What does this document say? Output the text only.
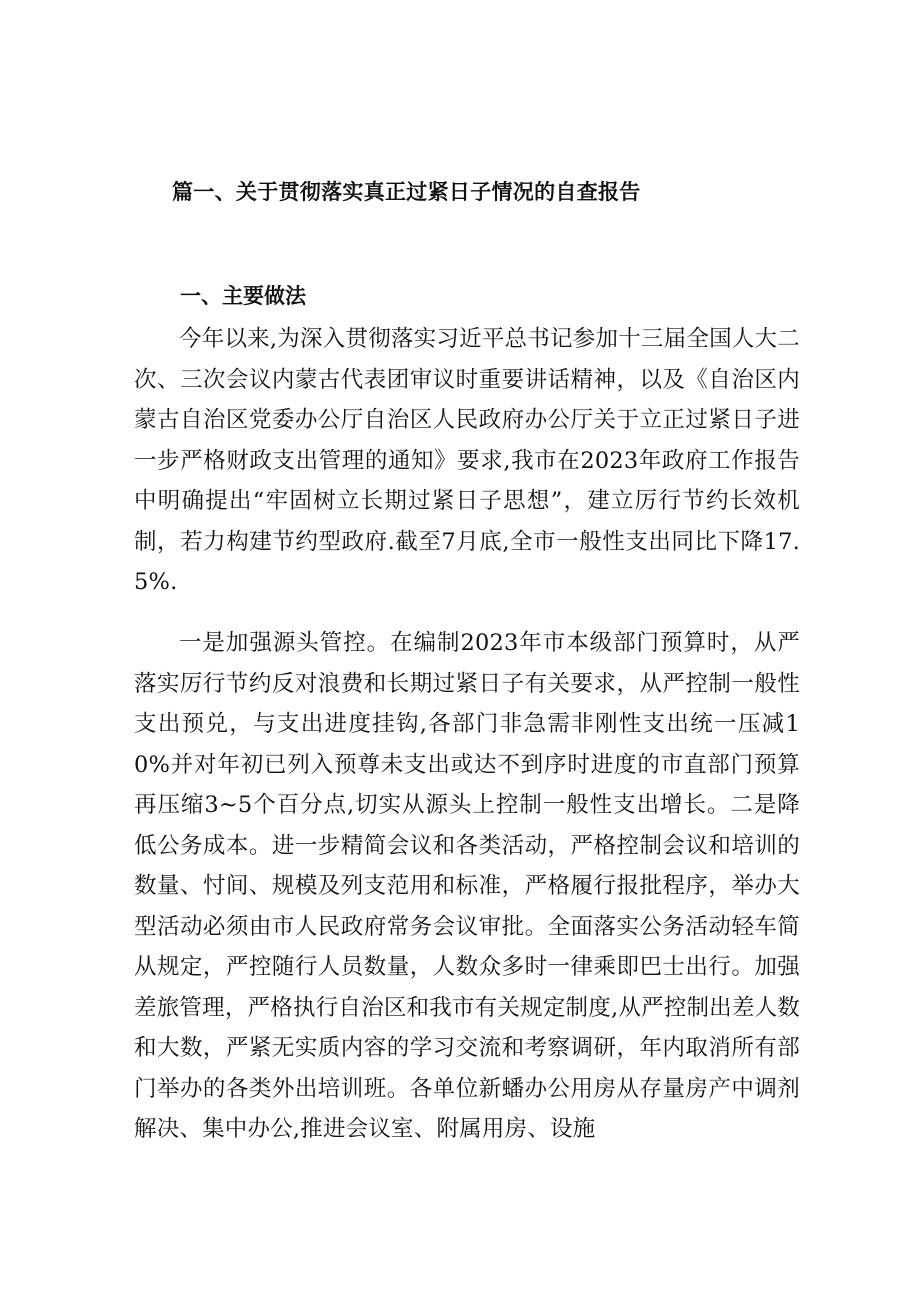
篇一、关于贯彻落实真正过紧日子情况的自查报告
一、主要做法

今年以来,为深入贯彻落实习近平总书记参加十三届全国人大二次、三次会议内蒙古代表团审议时重要讲话精神，以及《自治区内蒙古自治区党委办公厅自治区人民政府办公厅关于立正过紧日子进一步严格财政支出管理的通知》要求,我市在2023年政府工作报告中明确提出“牢固树立长期过紧日子思想”，建立厉行节约长效机制，若力构建节约型政府.截至7月底,全市一般性支出同比下降17.5%.

一是加强源头管控。在编制2023年市本级部门预算时，从严落实厉行节约反对浪费和长期过紧日子有关要求，从严控制一般性支出预兑，与支出进度挂钩,各部门非急需非刚性支出统一压减10%并对年初已列入预尊未支出或达不到序时进度的市直部门预算再压缩3~5个百分点,切实从源头上控制一般性支出增长。二是降低公务成本。进一步精简会议和各类活动，严格控制会议和培训的数量、忖间、规模及列支范用和标准，严格履行报批程序，举办大型活动必须由市人民政府常务会议审批。全面落实公务活动轻车简从规定，严控随行人员数量，人数众多时一律乘即巴士出行。加强差旅管理，严格执行自治区和我市有关规定制度,从严控制出差人数和大数，严紧无实质内容的学习交流和考察调研，年内取消所有部门举办的各类外出培训班。各单位新蟠办公用房从存量房产中调剂解决、集中办公,推进会议室、附属用房、设施
